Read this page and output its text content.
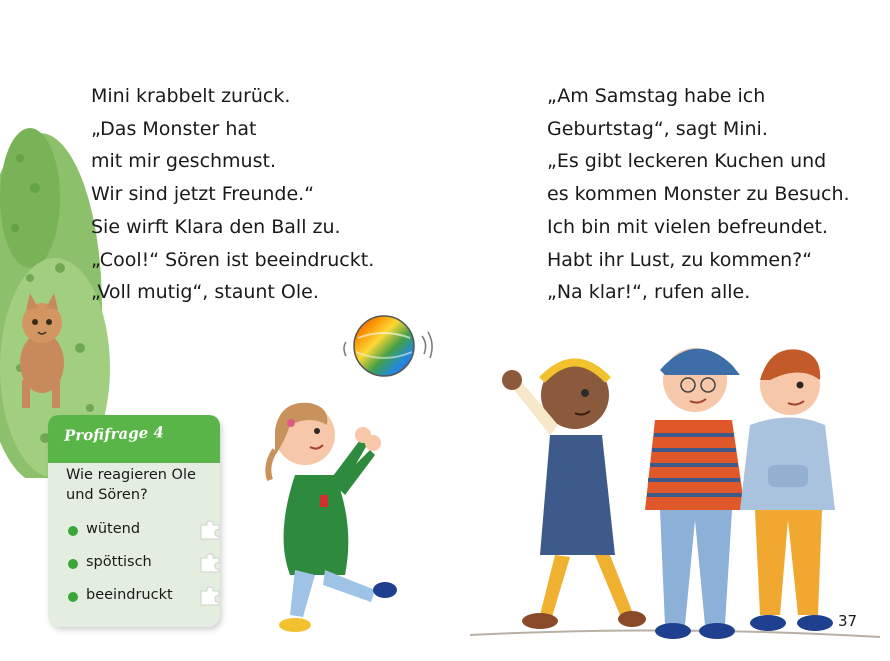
Mini krabbelt zurück.
„Das Monster hat
mit mir geschmust.
Wir sind jetzt Freunde.“
Sie wirft Klara den Ball zu.
„Cool!“ Sören ist beeindruckt.
„Voll mutig“, staunt Ole.
„Am Samstag habe ich
Geburtstag“, sagt Mini.
„Es gibt leckeren Kuchen und
es kommen Monster zu Besuch.
Ich bin mit vielen befreundet.
Habt ihr Lust, zu kommen?“
„Na klar!“, rufen alle.
Profifrage 4
Wie reagieren Ole und Sören?
wütend
spöttisch
beeindruckt
37
